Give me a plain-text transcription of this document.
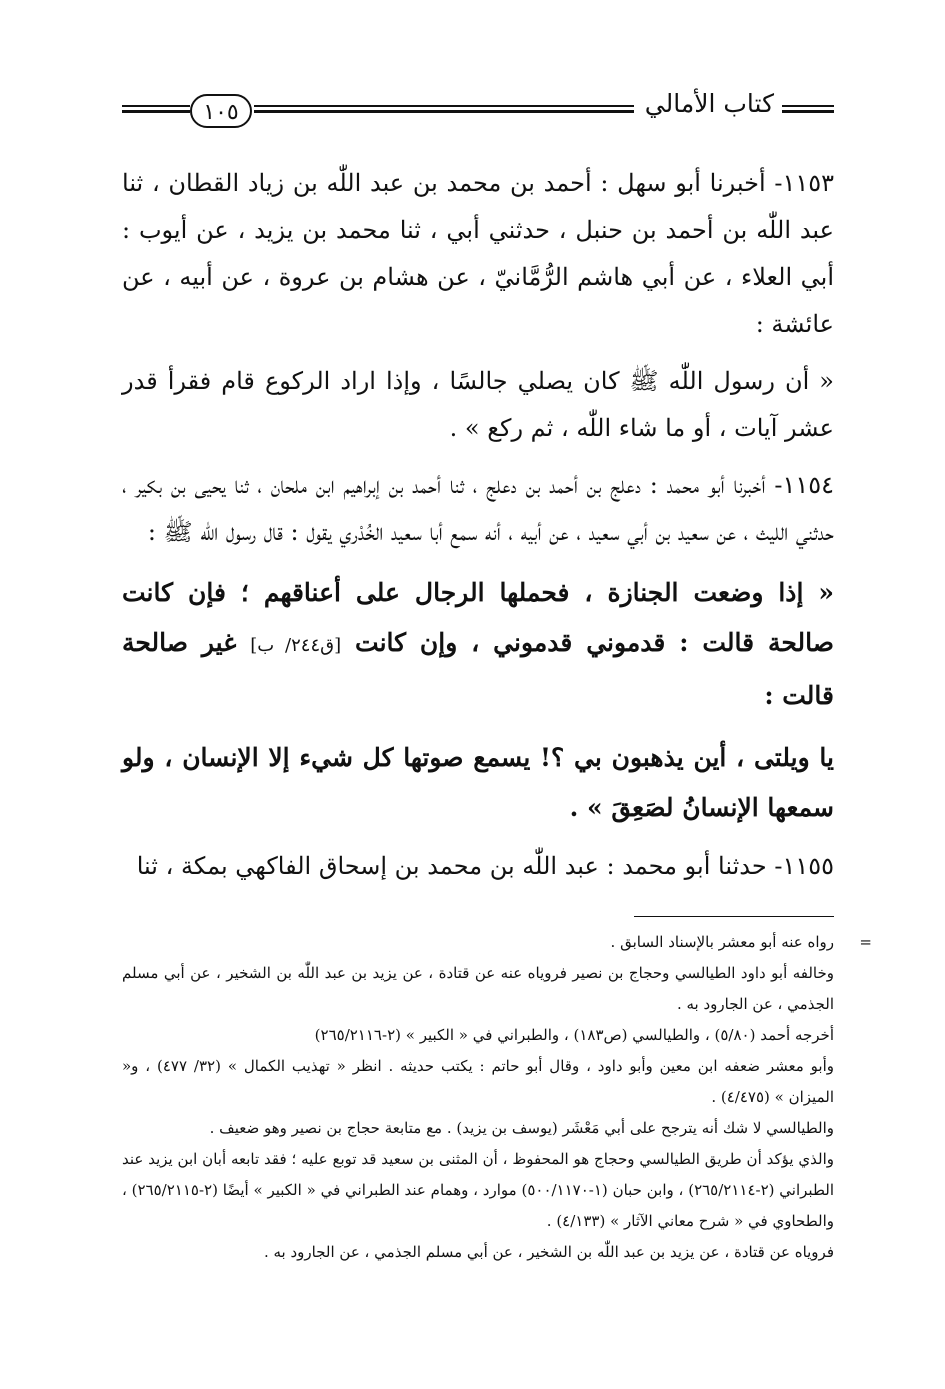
كتاب الأمالي
١٠٥

١١٥٣- أخبرنا أبو سهل : أحمد بن محمد بن عبد اللّٰه بن زياد القطان ، ثنا عبد اللّٰه بن أحمد بن حنبل ، حدثني أبي ، ثنا محمد بن يزيد ، عن أيوب : أبي العلاء ، عن أبي هاشم الرُّمَّانيّ ، عن هشام بن عروة ، عن أبيه ، عن عائشة :

« أن رسول اللّٰه ﷺ كان يصلي جالسًا ، وإذا اراد الركوع قام فقرأ قدر عشر آيات ، أو ما شاء اللّٰه ، ثم ركع » .

١١٥٤- أخبرنا أبو محمد : دعلج بن أحمد بن دعلج ، ثنا أحمد بن إبراهيم ابن ملحان ، ثنا يحيى بن بكير ، حدثني الليث ، عن سعيد بن أبي سعيد ، عن أبيه ، أنه سمع أبا سعيد الخُدْري يقول : قال رسول اللّٰه ﷺ :

« إذا وضعت الجنازة ، فحملها الرجال على أعناقهم ؛ فإن كانت صالحة قالت : قدموني قدموني ، وإن كانت [ق٢٤٤/ ب] غير صالحة قالت :

يا ويلتى ، أين يذهبون بي ؟! يسمع صوتها كل شيء إلا الإنسان ، ولو سمعها الإنسانُ لصَعِقَ » .

١١٥٥- حدثنا أبو محمد : عبد اللّٰه بن محمد بن إسحاق الفاكهي بمكة ، ثنا

=
رواه عنه أبو معشر بالإسناد السابق .

وخالفه أبو داود الطيالسي وحجاج بن نصير فروياه عنه عن قتادة ، عن يزيد بن عبد اللّٰه بن الشخير ، عن أبي مسلم الجذمي ، عن الجارود به .

أخرجه أحمد (٥/٨٠) ، والطيالسي (ص١٨٣) ، والطبراني في « الكبير » (٢-٢٦٥/٢١١٦)

وأبو معشر ضعفه ابن معين وأبو داود ، وقال أبو حاتم : يكتب حديثه . انظر « تهذيب الكمال » (٣٢/ ٤٧٧) ، و« الميزان » (٤/٤٧٥) .

والطيالسي لا شك أنه يترجح على أبي مَعْشَر (يوسف بن يزيد) . مع متابعة حجاج بن نصير وهو ضعيف .

والذي يؤكد أن طريق الطيالسي وحجاج هو المحفوظ ، أن المثنى بن سعيد قد توبع عليه ؛ فقد تابعه أبان ابن يزيد عند الطبراني (٢-٢٦٥/٢١١٤) ، وابن حبان (١-٥٠٠/١١٧٠) موارد ، وهمام عند الطبراني في « الكبير » أيضًا (٢-٢٦٥/٢١١٥) ، والطحاوي في « شرح معاني الآثار » (٤/١٣٣) .

فروياه عن قتادة ، عن يزيد بن عبد اللّٰه بن الشخير ، عن أبي مسلم الجذمي ، عن الجارود به .
